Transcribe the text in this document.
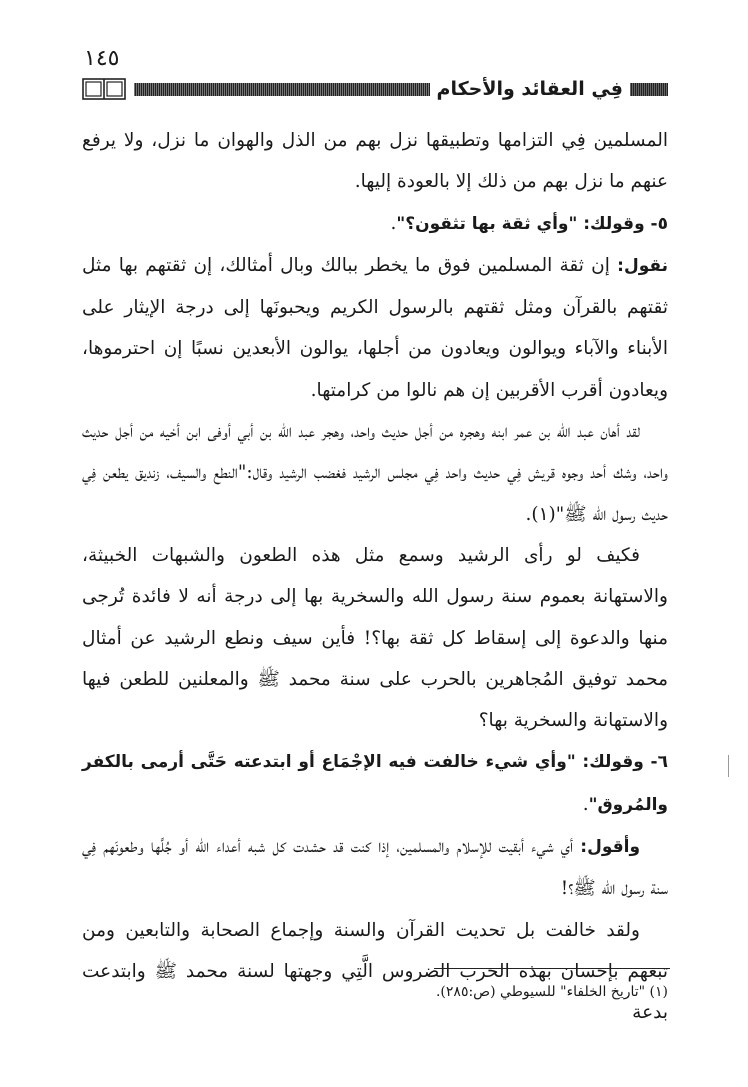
١٤٥
فِي العقائد والأحكام

المسلمين فِي التزامها وتطبيقها نزل بهم من الذل والهوان ما نزل، ولا يرفع عنهم ما نزل بهم من ذلك إلا بالعودة إليها.

٥- وقولك: "وأي ثقة بها تثقون؟".

نقول: إن ثقة المسلمين فوق ما يخطر ببالك وبال أمثالك، إن ثقتهم بها مثل ثقتهم بالقرآن ومثل ثقتهم بالرسول الكريم ويحبونَها إلى درجة الإيثار على الأبناء والآباء ويوالون ويعادون من أجلها، يوالون الأبعدين نسبًا إن احترموها، ويعادون أقرب الأقربين إن هم نالوا من كرامتها.

لقد أهان عبد الله بن عمر ابنه وهجره من أجل حديث واحد، وهجر عبد الله بن أبي أوفى ابن أخيه من أجل حديث واحد، وشك أحد وجوه قريش فِي حديث واحد فِي مجلس الرشيد فغضب الرشيد وقال:"النطع والسيف، زنديق يطعن فِي حديث رسول الله ﷺ"(١).

فكيف لو رأى الرشيد وسمع مثل هذه الطعون والشبهات الخبيثة، والاستهانة بعموم سنة رسول الله والسخرية بها إلى درجة أنه لا فائدة تُرجى منها والدعوة إلى إسقاط كل ثقة بها؟! فأين سيف ونطع الرشيد عن أمثال محمد توفيق المُجاهرين بالحرب على سنة محمد ﷺ والمعلنين للطعن فيها والاستهانة والسخرية بها؟

٦- وقولك: "وأي شيء خالفت فيه الإجْمَاع أو ابتدعته حَتَّى أرمى بالكفر والمُروق".

وأقول: أي شيء أبقيت للإسلام والمسلمين، إذا كنت قد حشدت كل شبه أعداء الله أو جُلَّها وطعونَهم فِي سنة رسول الله ﷺ؟!

ولقد خالفت بل تحديت القرآن والسنة وإجماع الصحابة والتابعين ومن تبعهم بإحسان بهذه الحرب الضروس الَّتِي وجهتها لسنة محمد ﷺ وابتدعت بدعة

(١) "تاريخ الخلفاء" للسيوطي (ص:٢٨٥).
